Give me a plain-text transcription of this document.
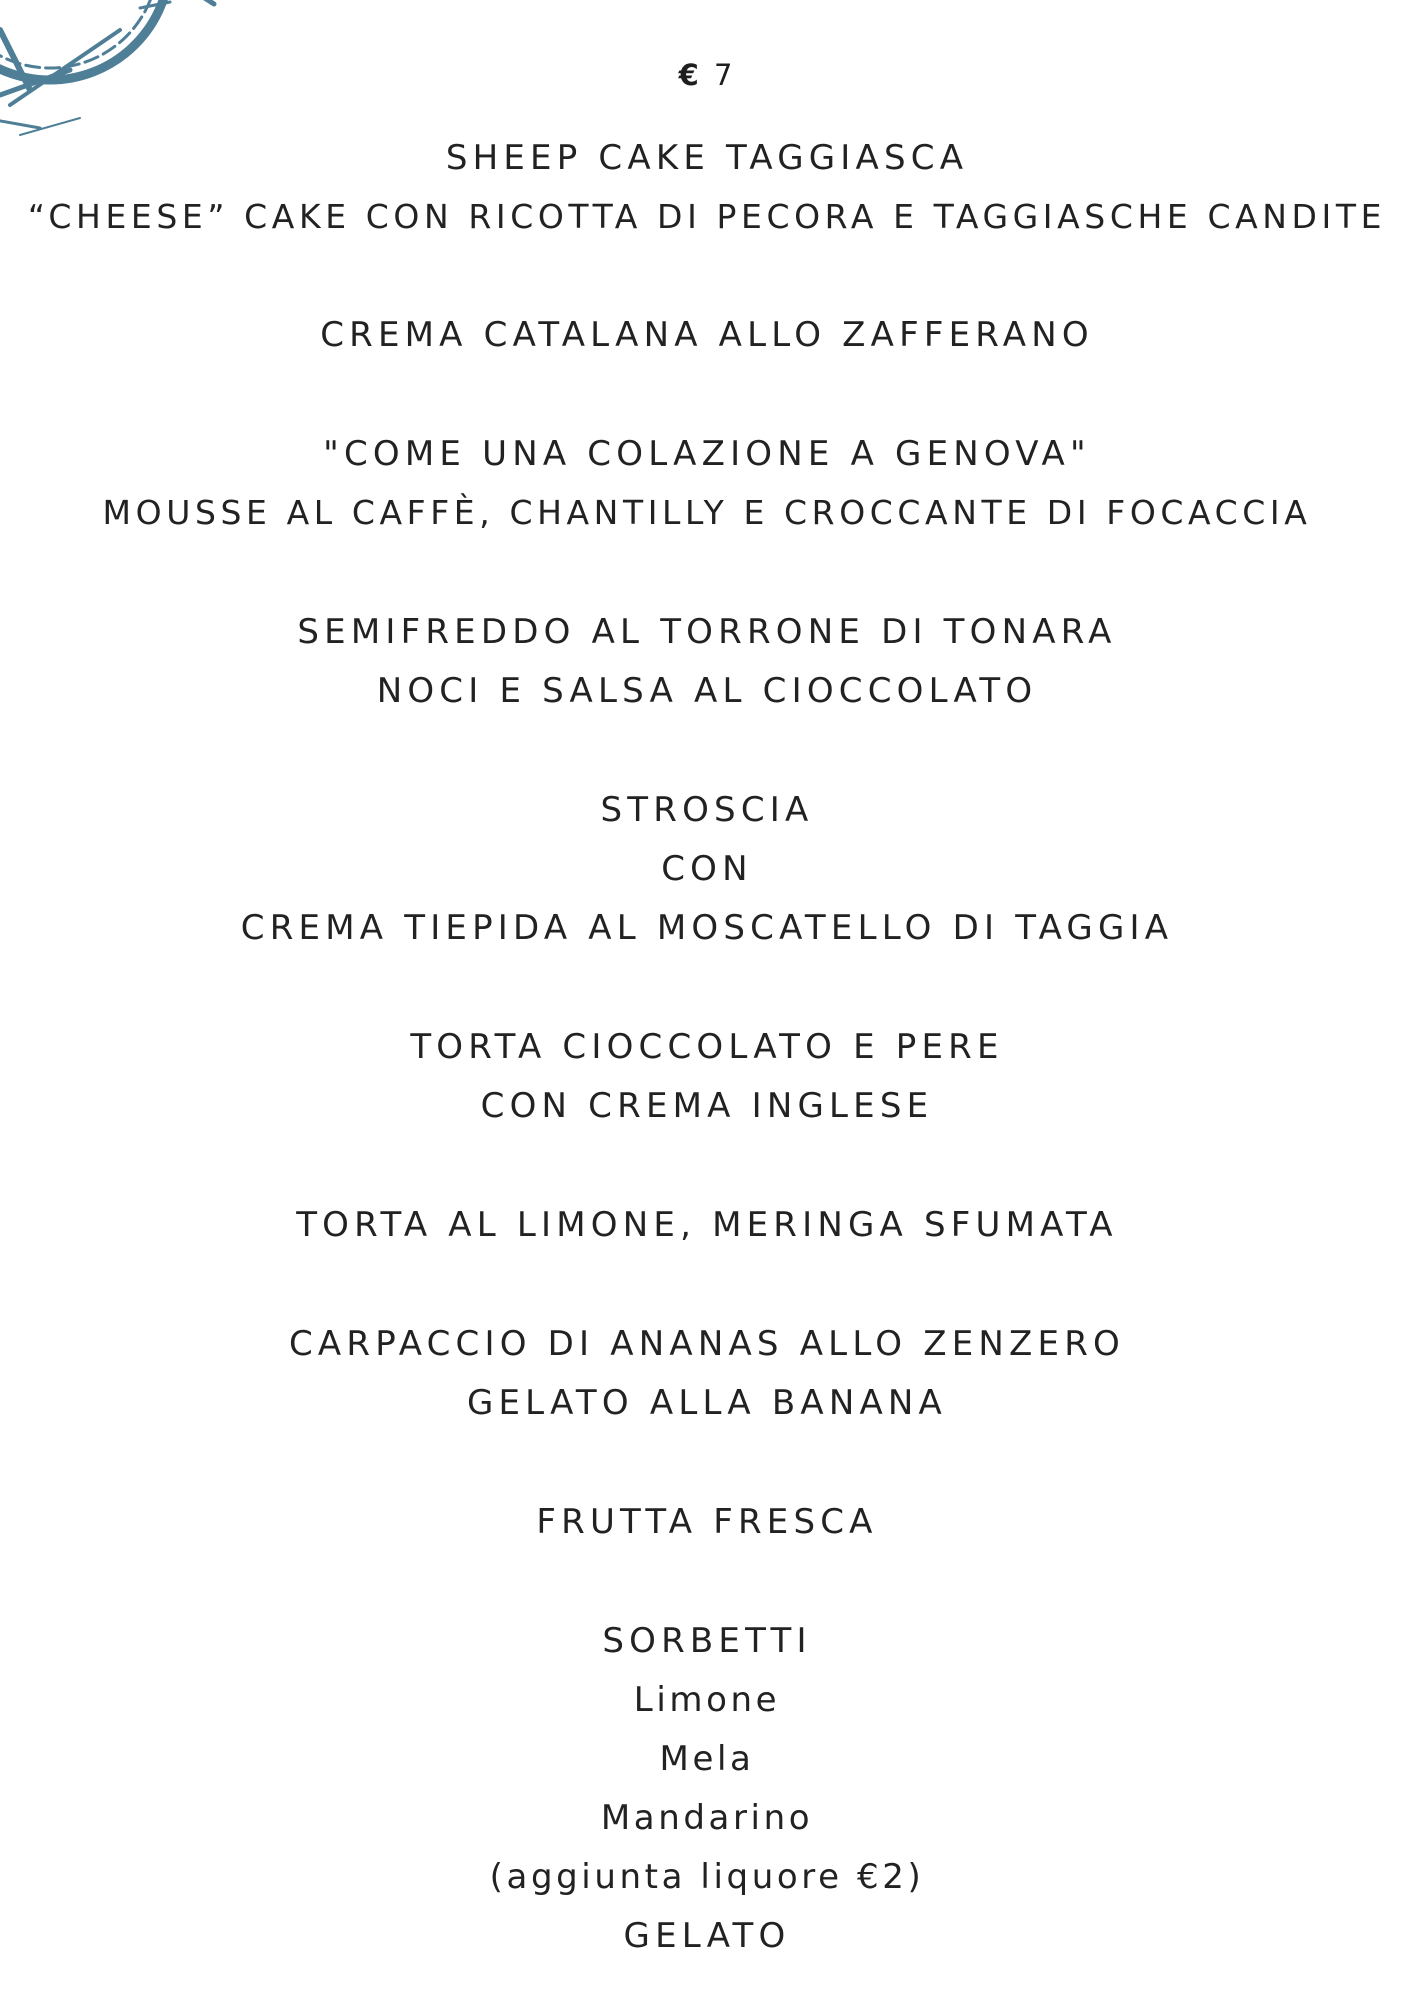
€ 7
SHEEP CAKE TAGGIASCA
“CHEESE” CAKE CON RICOTTA DI PECORA E TAGGIASCHE CANDITE
CREMA CATALANA ALLO ZAFFERANO
"COME UNA COLAZIONE A GENOVA"
MOUSSE AL CAFFÈ, CHANTILLY E CROCCANTE DI FOCACCIA
SEMIFREDDO AL TORRONE DI TONARA
NOCI E SALSA AL CIOCCOLATO
STROSCIA
CON
CREMA TIEPIDA AL MOSCATELLO DI TAGGIA
TORTA CIOCCOLATO E PERE
CON CREMA INGLESE
TORTA AL LIMONE, MERINGA SFUMATA
CARPACCIO DI ANANAS ALLO ZENZERO
GELATO ALLA BANANA
FRUTTA FRESCA
SORBETTI
Limone
Mela
Mandarino
(aggiunta liquore €2)
GELATO
